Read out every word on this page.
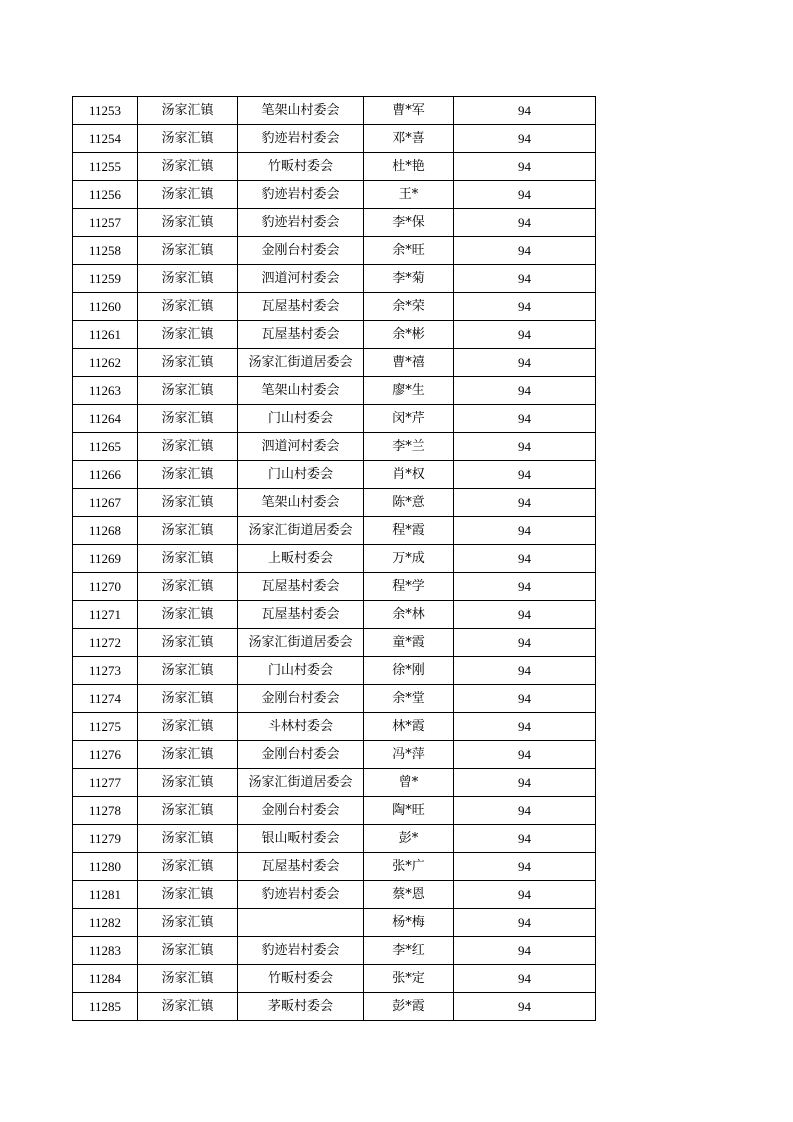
11253	汤家汇镇	笔架山村委会	曹*军	94
11254	汤家汇镇	豹迹岩村委会	邓*喜	94
11255	汤家汇镇	竹畈村委会	杜*艳	94
11256	汤家汇镇	豹迹岩村委会	王*	94
11257	汤家汇镇	豹迹岩村委会	李*保	94
11258	汤家汇镇	金刚台村委会	余*旺	94
11259	汤家汇镇	泗道河村委会	李*菊	94
11260	汤家汇镇	瓦屋基村委会	余*荣	94
11261	汤家汇镇	瓦屋基村委会	余*彬	94
11262	汤家汇镇	汤家汇街道居委会	曹*禧	94
11263	汤家汇镇	笔架山村委会	廖*生	94
11264	汤家汇镇	门山村委会	闵*芹	94
11265	汤家汇镇	泗道河村委会	李*兰	94
11266	汤家汇镇	门山村委会	肖*权	94
11267	汤家汇镇	笔架山村委会	陈*意	94
11268	汤家汇镇	汤家汇街道居委会	程*霞	94
11269	汤家汇镇	上畈村委会	万*成	94
11270	汤家汇镇	瓦屋基村委会	程*学	94
11271	汤家汇镇	瓦屋基村委会	余*林	94
11272	汤家汇镇	汤家汇街道居委会	童*霞	94
11273	汤家汇镇	门山村委会	徐*刚	94
11274	汤家汇镇	金刚台村委会	余*堂	94
11275	汤家汇镇	斗林村委会	林*霞	94
11276	汤家汇镇	金刚台村委会	冯*萍	94
11277	汤家汇镇	汤家汇街道居委会	曾*	94
11278	汤家汇镇	金刚台村委会	陶*旺	94
11279	汤家汇镇	银山畈村委会	彭*	94
11280	汤家汇镇	瓦屋基村委会	张*广	94
11281	汤家汇镇	豹迹岩村委会	蔡*恩	94
11282	汤家汇镇		杨*梅	94
11283	汤家汇镇	豹迹岩村委会	李*红	94
11284	汤家汇镇	竹畈村委会	张*定	94
11285	汤家汇镇	茅畈村委会	彭*霞	94
